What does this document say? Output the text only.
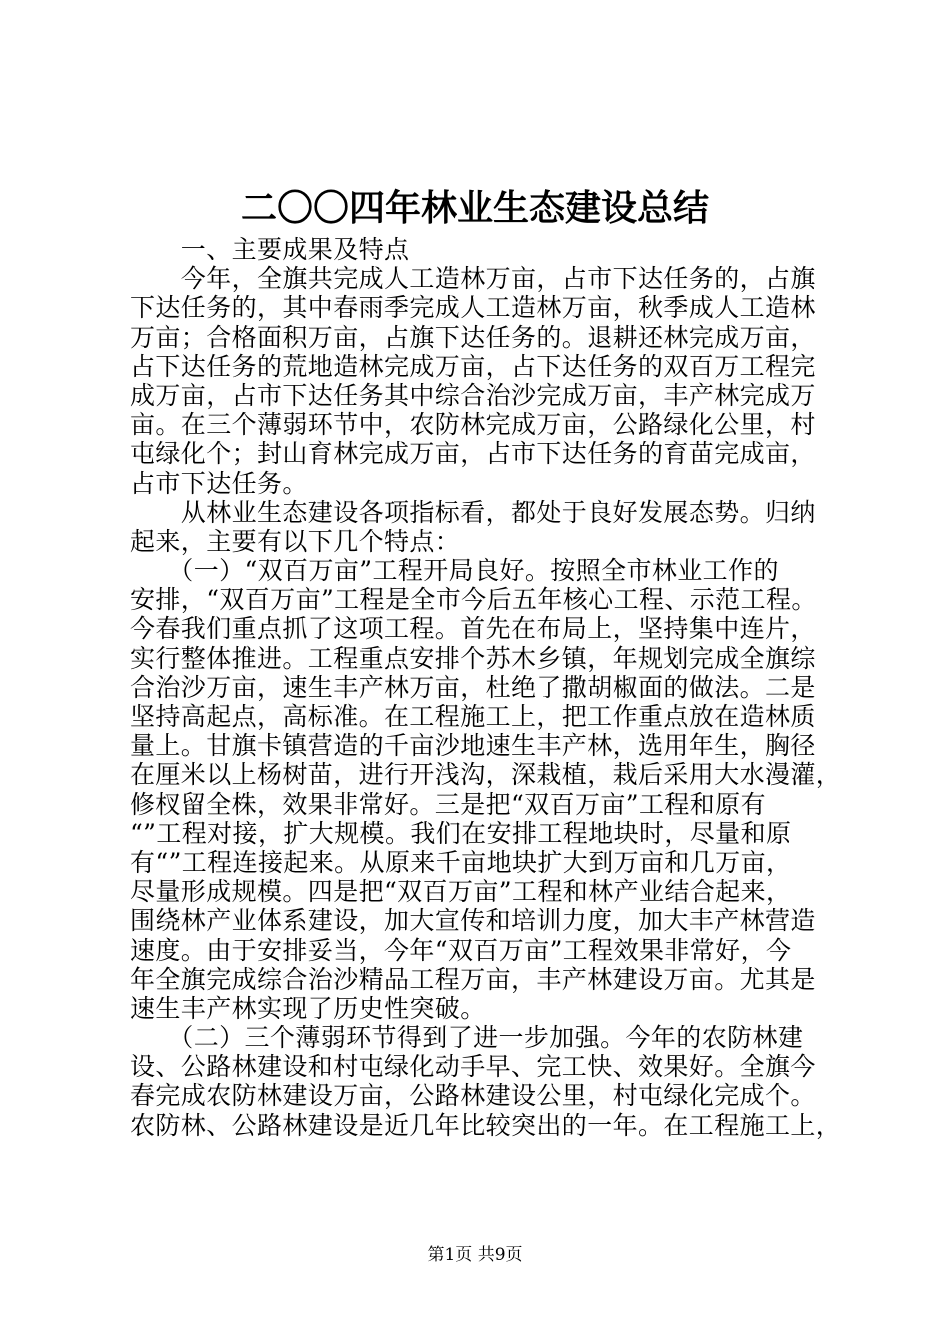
二〇〇四年林业生态建设总结
　　一、主要成果及特点
　　今年，全旗共完成人工造林万亩，占市下达任务的，占旗
下达任务的，其中春雨季完成人工造林万亩，秋季成人工造林
万亩；合格面积万亩，占旗下达任务的。退耕还林完成万亩，
占下达任务的荒地造林完成万亩，占下达任务的双百万工程完
成万亩，占市下达任务其中综合治沙完成万亩，丰产林完成万
亩。在三个薄弱环节中，农防林完成万亩，公路绿化公里，村
屯绿化个；封山育林完成万亩，占市下达任务的育苗完成亩，
占市下达任务。
　　从林业生态建设各项指标看，都处于良好发展态势。归纳
起来，主要有以下几个特点：
　　（一）“双百万亩”工程开局良好。按照全市林业工作的
安排，“双百万亩”工程是全市今后五年核心工程、示范工程。
今春我们重点抓了这项工程。首先在布局上，坚持集中连片，
实行整体推进。工程重点安排个苏木乡镇，年规划完成全旗综
合治沙万亩，速生丰产林万亩，杜绝了撒胡椒面的做法。二是
坚持高起点，高标准。在工程施工上，把工作重点放在造林质
量上。甘旗卡镇营造的千亩沙地速生丰产林，选用年生，胸径
在厘米以上杨树苗，进行开浅沟，深栽植，栽后采用大水漫灌，
修杈留全株，效果非常好。三是把“双百万亩”工程和原有
“”工程对接，扩大规模。我们在安排工程地块时，尽量和原
有“”工程连接起来。从原来千亩地块扩大到万亩和几万亩，
尽量形成规模。四是把“双百万亩”工程和林产业结合起来，
围绕林产业体系建设，加大宣传和培训力度，加大丰产林营造
速度。由于安排妥当，今年“双百万亩”工程效果非常好，今
年全旗完成综合治沙精品工程万亩，丰产林建设万亩。尤其是
速生丰产林实现了历史性突破。
　　（二）三个薄弱环节得到了进一步加强。今年的农防林建
设、公路林建设和村屯绿化动手早、完工快、效果好。全旗今
春完成农防林建设万亩，公路林建设公里，村屯绿化完成个。
农防林、公路林建设是近几年比较突出的一年。在工程施工上，
第1页 共9页
